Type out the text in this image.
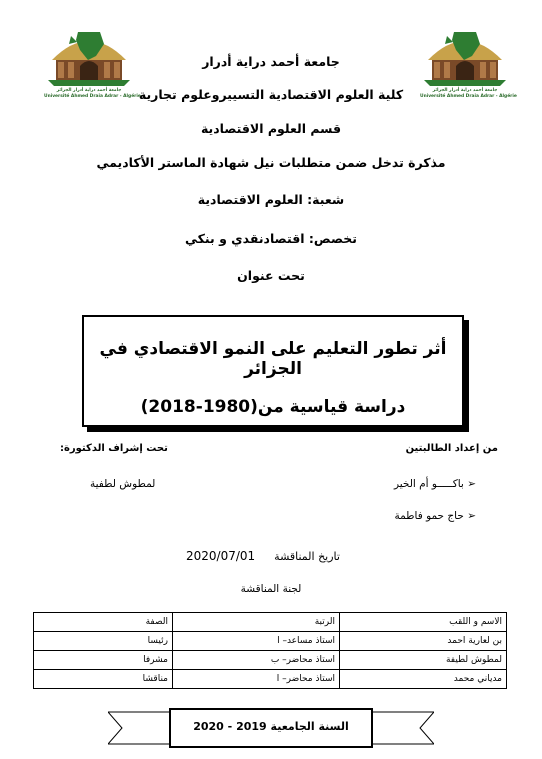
جامعة أحمد دراية أدرار الجزائر
Université Ahmed Draia Adrar - Algérie
جامعة أحمد دراية أدرار الجزائر
Université Ahmed Draia Adrar - Algérie
جامعة أحمد دراية أدرار
كلية العلوم الاقتصادية التسييروعلوم تجارية
قسم العلوم الاقتصادية
مذكرة تدخل ضمن متطلبات نيل شهادة الماستر الأكاديمي
شعبة: العلوم الاقتصادية
تخصص: اقتصادنقدي و بنكي
تحت عنوان
أثر تطور التعليم على النمو الاقتصادي في الجزائر
دراسة قياسية من(1980-2018)
من إعداد الطالبتين
تحت إشراف الدكتورة:
➢ باكـــــو أم الخير
➢ حاج حمو فاطمة
لمطوش لطفية
تاريخ المناقشة  2020/07/01
لجنة المناقشة
الاسم و اللقب	الرتبة	الصفة
بن لعارية احمد	استاذ مساعد– ا	رئيسا
لمطوش لطيفة	استاذ محاضر– ب	مشرفا
مدياني محمد	استاذ محاضر– ا	مناقشا
السنة الجامعية 2019 - 2020
